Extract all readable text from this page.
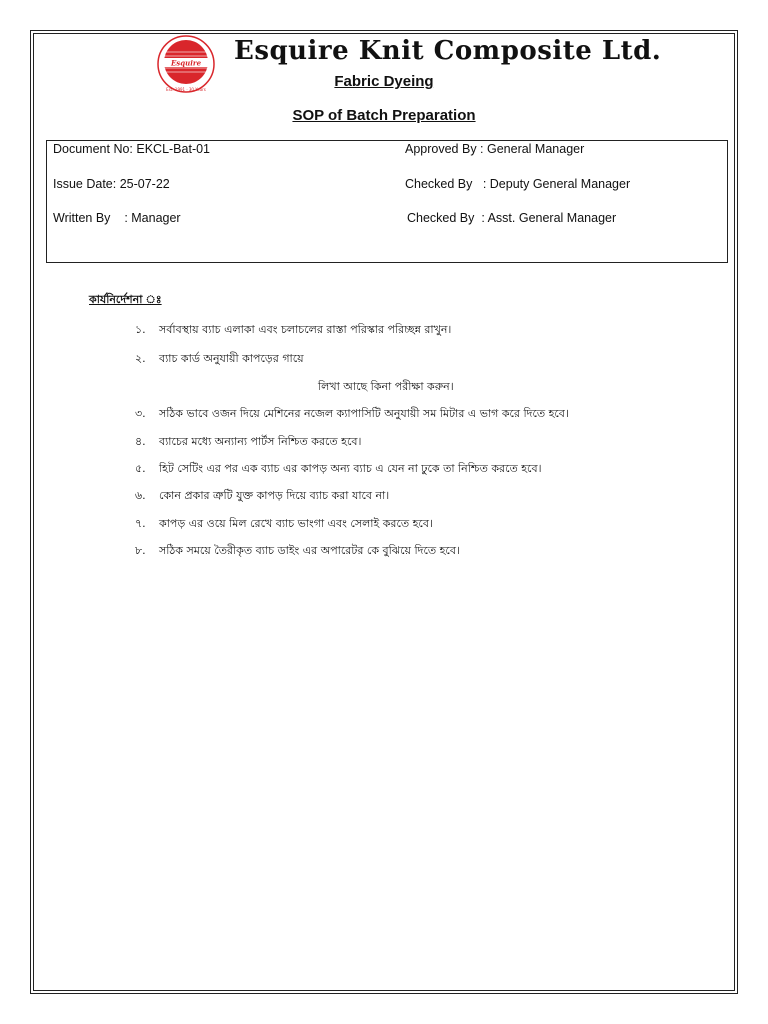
Esquire
Est. 1991 · 30 Years
Esquire Knit Composite Ltd.
Fabric Dyeing
SOP of Batch Preparation
Document No: EKCL-Bat-01
Issue Date: 25-07-22
Written By    : Manager
Approved By : General Manager
Checked By   : Deputy General Manager
Checked By  : Asst. General Manager
কার্যনির্দেশনা ঃ
১. সর্বাবস্থায় ব্যাচ এলাকা এবং চলাচলের রাস্তা পরিস্কার পরিচ্ছন্ন রাখুন।
২. ব্যাচ কার্ড অনুযায়ী কাপড়ের গায়ে
লিখা আছে কিনা পরীক্ষা করুন।
৩. সঠিক ভাবে ওজন দিয়ে মেশিনের নজেল ক্যাপাসিটি অনুযায়ী সম মিটার এ ভাগ করে দিতে হবে।
৪. ব্যাচের মধ্যে অন্যান্য পার্টস নিশ্চিত করতে হবে।
৫. হিট সেটিং এর পর এক ব্যাচ এর কাপড় অন্য ব্যাচ এ যেন না ঢুকে তা নিশ্চিত করতে হবে।
৬. কোন প্রকার ত্রুটি যুক্ত কাপড় দিয়ে ব্যাচ করা যাবে না।
৭. কাপড় এর ওয়ে মিল রেখে ব্যাচ ভাংগা এবং সেলাই করতে হবে।
৮. সঠিক সময়ে তৈরীকৃত ব্যাচ ডাইং এর অপারেটর কে বুঝিয়ে দিতে হবে।
